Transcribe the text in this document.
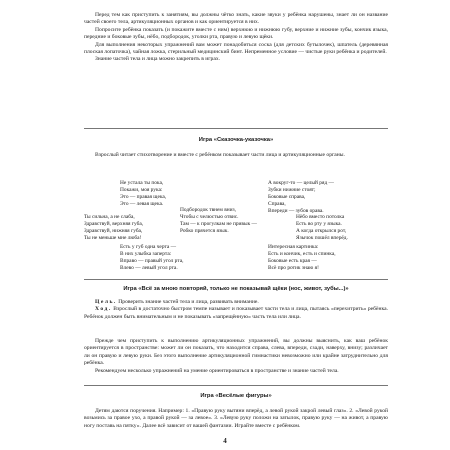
Перед тем как приступить к занятиям, вы должны чётко знать, какие звуки у ребёнка нарушены, знает ли он название частей своего тела, артикуляционных органов и как ориентируется в них.

Попросите ребёнка показать (и покажите вместе с ним) верхнюю и нижнюю губу, верхние и нижние зубы, кончик языка, передние и боковые зубы, нёбо, подбородок, уголки рта, правую и левую щёки.

Для выполнения некоторых упражнений вам может понадобиться соска (для детских бутылочек), шпатель (деревянная плоская лопаточка), чайная ложка, стерильный медицинский бинт. Непременное условие — чистые руки ребёнка и родителей.

Знание частей тела и лица можно закрепить в играх.

Игра «Сказочка-указочка»

Взрослый читает стихотворение и вместе с ребёнком показывает части лица и артикуляционные органы.

Не устала ты пока,
Покажи, моя рука:
Это — правая щека,
Это — левая щека.
А вокруг-то — целый ряд —
Зубки нижние стоят;
Боковые справа,
Справа,
Впереди — зубов орава.
Ты сильна, а не слаба,
Здравствуй, верхняя губа,
Здравствуй, нижняя губа,
Ты не меньше мне люба!
Подбородок твнем вниз,
Чтобы с челюстью отвис.
Там — к прогулкам не привык —
Робко прячется язык.
Нёбо вместо потолка
Есть во рту у языка.
А когда открылся рот,
Язычок пошёл вперёд.
Есть у губ одна черта —
В них улыбка заперта:
Вправо — правый угол рта,
Влево — левый угол рта.
Интересная картинка:
Есть и кончик, есть и спинка,
Боковые есть края —
Всё про ротик знаю я!
Игра «Всё за мною повторяй, только не показывай щёки (нос, живот, зубы...)»

Цель. Проверить знание частей тела и лица, развивать внимание.

Ход. Взрослый в достаточно быстром темпе называет и показывает части тела и лица, пытаясь «перехитрить» ребёнка. Ребёнок должен быть внимательным и не показывать «запрещённую» часть тела или лица.

Прежде чем приступить к выполнению артикуляционных упражнений, вы должны выяснить, как ваш ребёнок ориентируется в пространстве: может ли он показать, что находится справа, слева, впереди, сзади, наверху, внизу; различает ли он правую и левую руки. Без этого выполнение артикуляционной гимнастики невозможно или крайне затруднительно для ребёнка.

Рекомендуем несколько упражнений на умение ориентироваться в пространстве и знание частей тела.

Игра «Весёлые фигуры»

Детям даются поручения. Например: 1. «Правую руку вытяни вперёд, а левой рукой закрой левый глаз». 2. «Левой рукой возьмись за правое ухо, а правой рукой — за левое». 3. «Левую руку положи на затылок, правую руку — на живот, а правую ногу поставь на пятку». Далее всё зависит от вашей фантазии. Играйте вместе с ребёнком.

4
